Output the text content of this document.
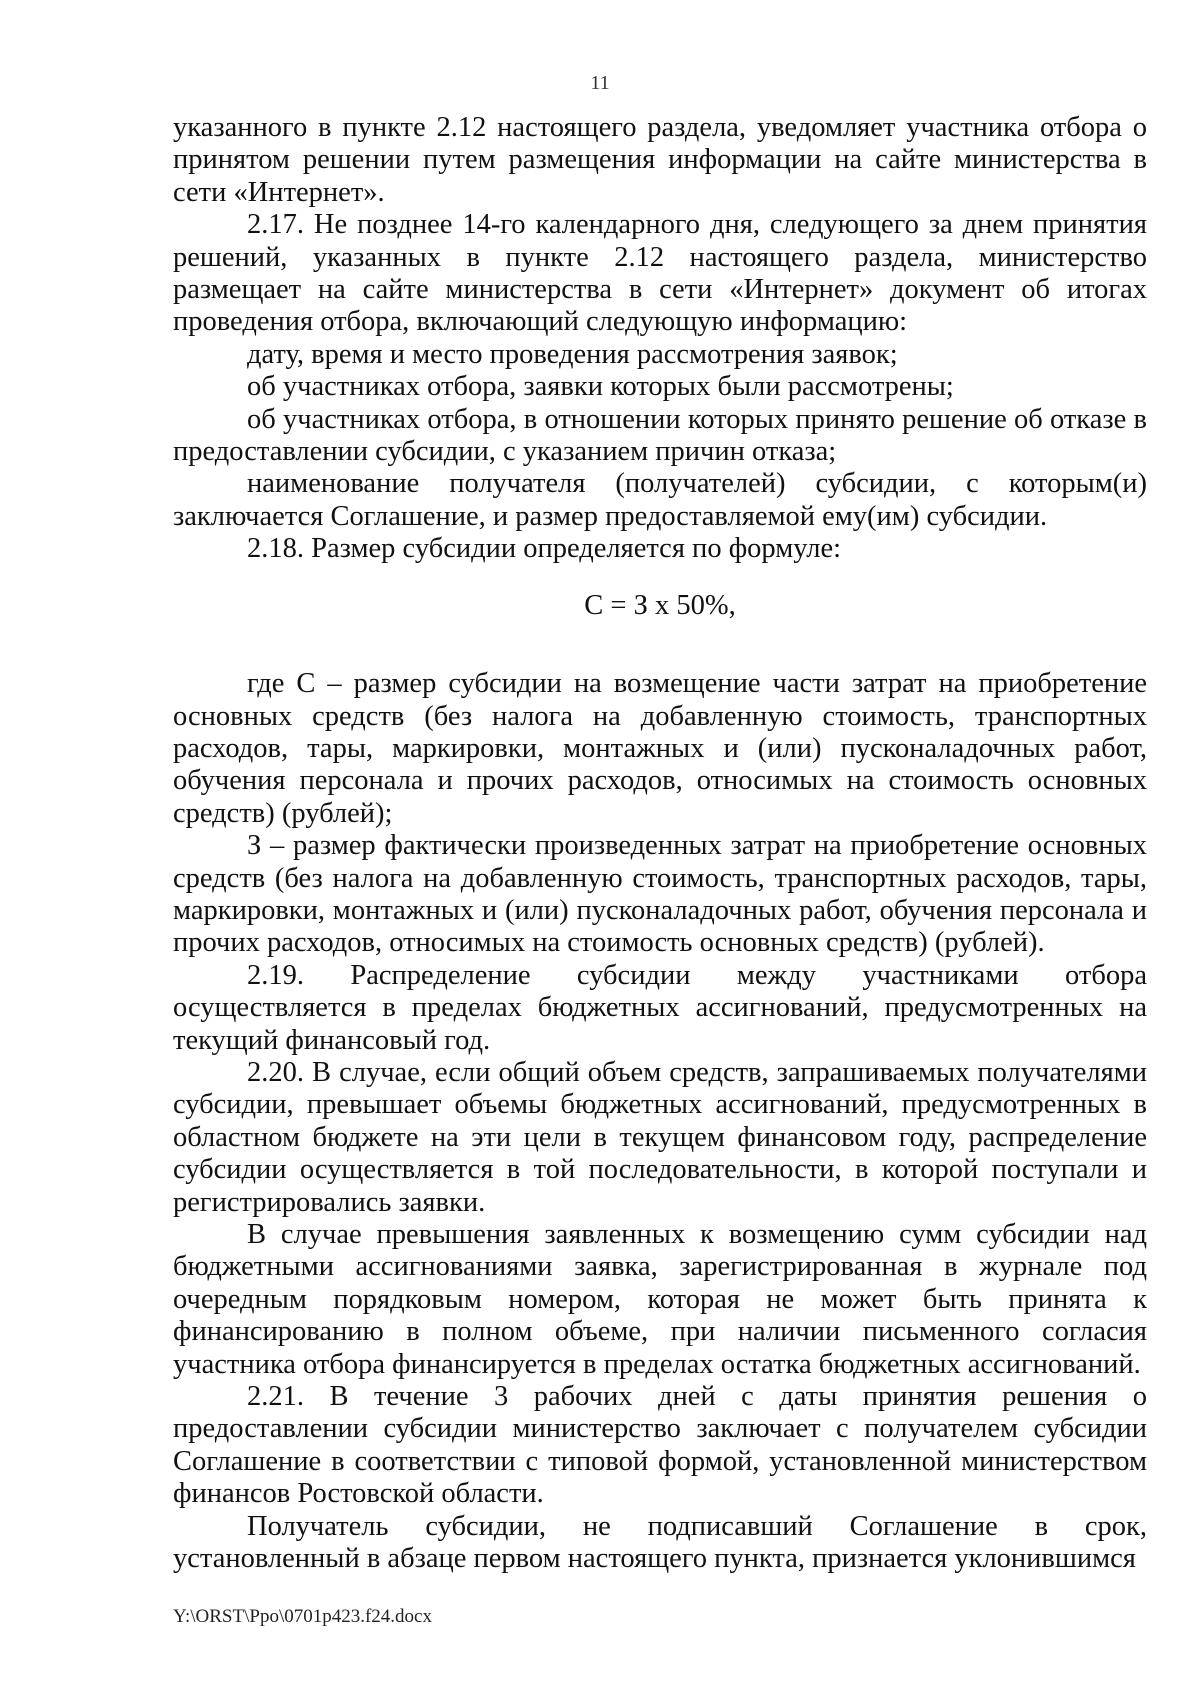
11

указанного в пункте 2.12 настоящего раздела, уведомляет участника отбора о принятом решении путем размещения информации на сайте министерства в сети «Интернет».

2.17. Не позднее 14-го календарного дня, следующего за днем принятия решений, указанных в пункте 2.12 настоящего раздела, министерство размещает на сайте министерства в сети «Интернет» документ об итогах проведения отбора, включающий следующую информацию:

дату, время и место проведения рассмотрения заявок;

об участниках отбора, заявки которых были рассмотрены;

об участниках отбора, в отношении которых принято решение об отказе в предоставлении субсидии, с указанием причин отказа;

наименование получателя (получателей) субсидии, с которым(и) заключается Соглашение, и размер предоставляемой ему(им) субсидии.

2.18. Размер субсидии определяется по формуле:

С = З х 50%,

где С – размер субсидии на возмещение части затрат на приобретение основных средств (без налога на добавленную стоимость, транспортных расходов, тары, маркировки, монтажных и (или) пусконаладочных работ, обучения персонала и прочих расходов, относимых на стоимость основных средств) (рублей);

З – размер фактически произведенных затрат на приобретение основных средств (без налога на добавленную стоимость, транспортных расходов, тары, маркировки, монтажных и (или) пусконаладочных работ, обучения персонала и прочих расходов, относимых на стоимость основных средств) (рублей).

2.19. Распределение субсидии между участниками отбора осуществляется в пределах бюджетных ассигнований, предусмотренных на текущий финансовый год.

2.20. В случае, если общий объем средств, запрашиваемых получателями субсидии, превышает объемы бюджетных ассигнований, предусмотренных в областном бюджете на эти цели в текущем финансовом году, распределение субсидии осуществляется в той последовательности, в которой поступали и регистрировались заявки.

В случае превышения заявленных к возмещению сумм субсидии над бюджетными ассигнованиями заявка, зарегистрированная в журнале под очередным порядковым номером, которая не может быть принята к финансированию в полном объеме, при наличии письменного согласия участника отбора финансируется в пределах остатка бюджетных ассигнований.

2.21. В течение 3 рабочих дней с даты принятия решения о предоставлении субсидии министерство заключает с получателем субсидии Соглашение в соответствии с типовой формой, установленной министерством финансов Ростовской области.

Получатель субсидии, не подписавший Соглашение в срок, установленный в абзаце первом настоящего пункта, признается уклонившимся

Y:\ORST\Ppo\0701p423.f24.docx
